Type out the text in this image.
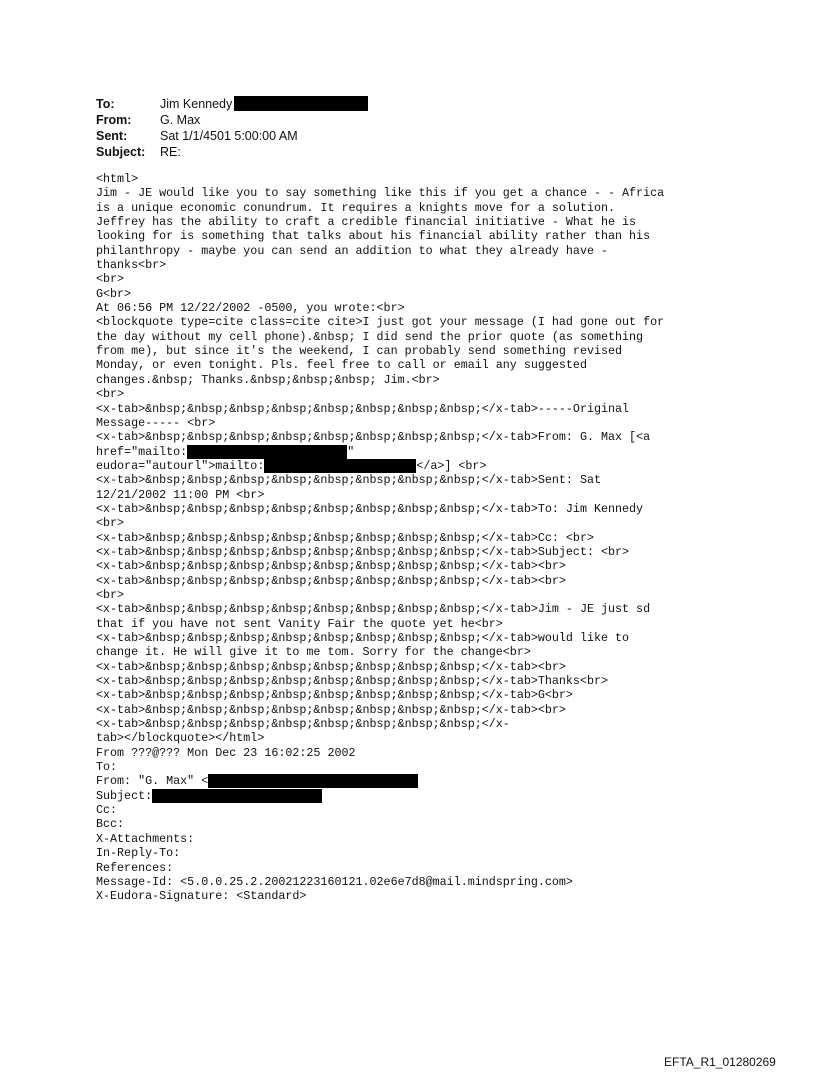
To:	Jim Kennedy
From:	G. Max
Sent:	Sat 1/1/4501 5:00:00 AM
Subject:	RE:
<html>
Jim - JE would like you to say something like this if you get a chance - - Africa
is a unique economic conundrum. It requires a knights move for a solution.
Jeffrey has the ability to craft a credible financial initiative - What he is
looking for is something that talks about his financial ability rather than his
philanthropy - maybe you can send an addition to what they already have -
thanks<br>
<br>
G<br>
At 06:56 PM 12/22/2002 -0500, you wrote:<br>
<blockquote type=cite class=cite cite>I just got your message (I had gone out for
the day without my cell phone).&nbsp; I did send the prior quote (as something
from me), but since it's the weekend, I can probably send something revised
Monday, or even tonight. Pls. feel free to call or email any suggested
changes.&nbsp; Thanks.&nbsp;&nbsp;&nbsp; Jim.<br>
<br>
<x-tab>&nbsp;&nbsp;&nbsp;&nbsp;&nbsp;&nbsp;&nbsp;&nbsp;</x-tab>-----Original
Message----- <br>
<x-tab>&nbsp;&nbsp;&nbsp;&nbsp;&nbsp;&nbsp;&nbsp;&nbsp;</x-tab>From: G. Max [<a
href="mailto:	"
eudora="autourl">mailto:	</a>] <br>
<x-tab>&nbsp;&nbsp;&nbsp;&nbsp;&nbsp;&nbsp;&nbsp;&nbsp;</x-tab>Sent: Sat
12/21/2002 11:00 PM <br>
<x-tab>&nbsp;&nbsp;&nbsp;&nbsp;&nbsp;&nbsp;&nbsp;&nbsp;</x-tab>To: Jim Kennedy
<br>
<x-tab>&nbsp;&nbsp;&nbsp;&nbsp;&nbsp;&nbsp;&nbsp;&nbsp;</x-tab>Cc: <br>
<x-tab>&nbsp;&nbsp;&nbsp;&nbsp;&nbsp;&nbsp;&nbsp;&nbsp;</x-tab>Subject: <br>
<x-tab>&nbsp;&nbsp;&nbsp;&nbsp;&nbsp;&nbsp;&nbsp;&nbsp;</x-tab><br>
<x-tab>&nbsp;&nbsp;&nbsp;&nbsp;&nbsp;&nbsp;&nbsp;&nbsp;</x-tab><br>
<br>
<x-tab>&nbsp;&nbsp;&nbsp;&nbsp;&nbsp;&nbsp;&nbsp;&nbsp;</x-tab>Jim - JE just sd
that if you have not sent Vanity Fair the quote yet he<br>
<x-tab>&nbsp;&nbsp;&nbsp;&nbsp;&nbsp;&nbsp;&nbsp;&nbsp;</x-tab>would like to
change it. He will give it to me tom. Sorry for the change<br>
<x-tab>&nbsp;&nbsp;&nbsp;&nbsp;&nbsp;&nbsp;&nbsp;&nbsp;</x-tab><br>
<x-tab>&nbsp;&nbsp;&nbsp;&nbsp;&nbsp;&nbsp;&nbsp;&nbsp;</x-tab>Thanks<br>
<x-tab>&nbsp;&nbsp;&nbsp;&nbsp;&nbsp;&nbsp;&nbsp;&nbsp;</x-tab>G<br>
<x-tab>&nbsp;&nbsp;&nbsp;&nbsp;&nbsp;&nbsp;&nbsp;&nbsp;</x-tab><br>
<x-tab>&nbsp;&nbsp;&nbsp;&nbsp;&nbsp;&nbsp;&nbsp;&nbsp;</x-
tab></blockquote></html>
From ???@??? Mon Dec 23 16:02:25 2002
To:
From: "G. Max" <
Subject:
Cc:
Bcc:
X-Attachments:
In-Reply-To:
References:
Message-Id: <5.0.0.25.2.20021223160121.02e6e7d8@mail.mindspring.com>
X-Eudora-Signature: <Standard>
EFTA_R1_01280269
